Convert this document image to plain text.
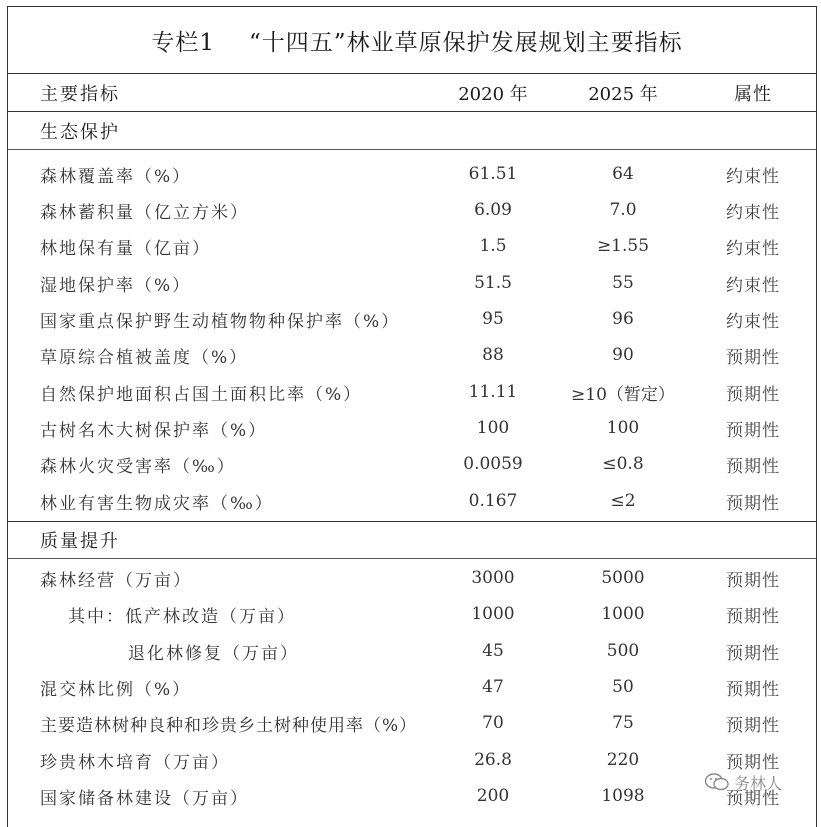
专栏1 “十四五”林业草原保护发展规划主要指标
主要指标	2020 年	2025 年	属性
生态保护
森林覆盖率（%）	61.51	64	约束性
森林蓄积量（亿立方米）	6.09	7.0	约束性
林地保有量（亿亩）	1.5	≥1.55	约束性
湿地保护率（%）	51.5	55	约束性
国家重点保护野生动植物物种保护率（%）	95	96	约束性
草原综合植被盖度（%）	88	90	预期性
自然保护地面积占国土面积比率（%）	11.11	≥10（暂定）	预期性
古树名木大树保护率（%）	100	100	预期性
森林火灾受害率（‰）	0.0059	≤0.8	预期性
林业有害生物成灾率（‰）	0.167	≤2	预期性
质量提升
森林经营（万亩）	3000	5000	预期性
其中：低产林改造（万亩）	1000	1000	预期性
退化林修复（万亩）	45	500	预期性
混交林比例（%）	47	50	预期性
主要造林树种良种和珍贵乡土树种使用率（%）	70	75	预期性
珍贵林木培育（万亩）	26.8	220	预期性
国家储备林建设（万亩）	200	1098	预期性
务林人
